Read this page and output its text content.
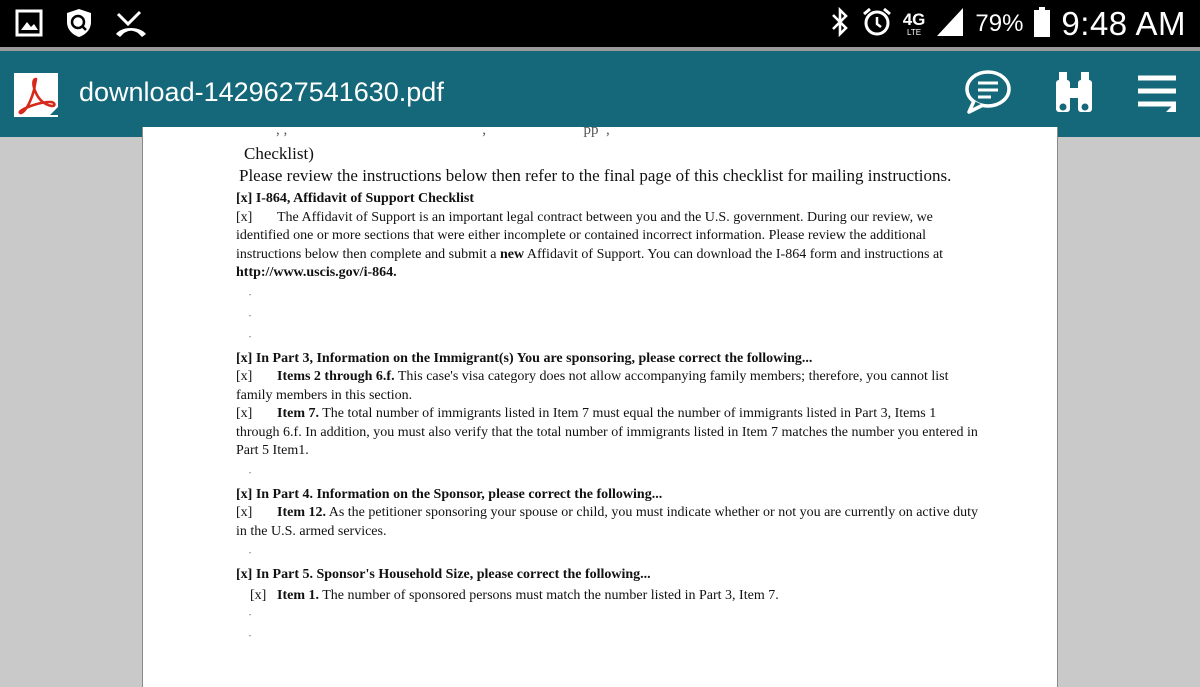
4G
LTE 79% 9:48 AM
download-1429627541630.pdf
, ,                                                    ,                          pp  ,
Checklist)
Please review the instructions below then refer to the final page of this checklist for mailing instructions.
[x] I-864, Affidavit of Support Checklist
[x] The Affidavit of Support is an important legal contract between you and the U.S. government. During our review, we identified one or more sections that were either incomplete or contained incorrect information. Please review the additional instructions below then complete and submit a new Affidavit of Support. You can download the I-864 form and instructions at http://www.uscis.gov/i-864.
"
"
"
[x] In Part 3, Information on the Immigrant(s) You are sponsoring, please correct the following...
[x] Items 2 through 6.f. This case's visa category does not allow accompanying family members; therefore, you cannot list family members in this section.
[x] Item 7. The total number of immigrants listed in Item 7 must equal the number of immigrants listed in Part 3, Items 1 through 6.f. In addition, you must also verify that the total number of immigrants listed in Item 7 matches the number you entered in Part 5 Item1.
"
[x] In Part 4. Information on the Sponsor, please correct the following...
[x] Item 12. As the petitioner sponsoring your spouse or child, you must indicate whether or not you are currently on active duty in the U.S. armed services.
"
[x] In Part 5. Sponsor's Household Size, please correct the following...
[x] Item 1. The number of sponsored persons must match the number listed in Part 3, Item 7.
"
"
